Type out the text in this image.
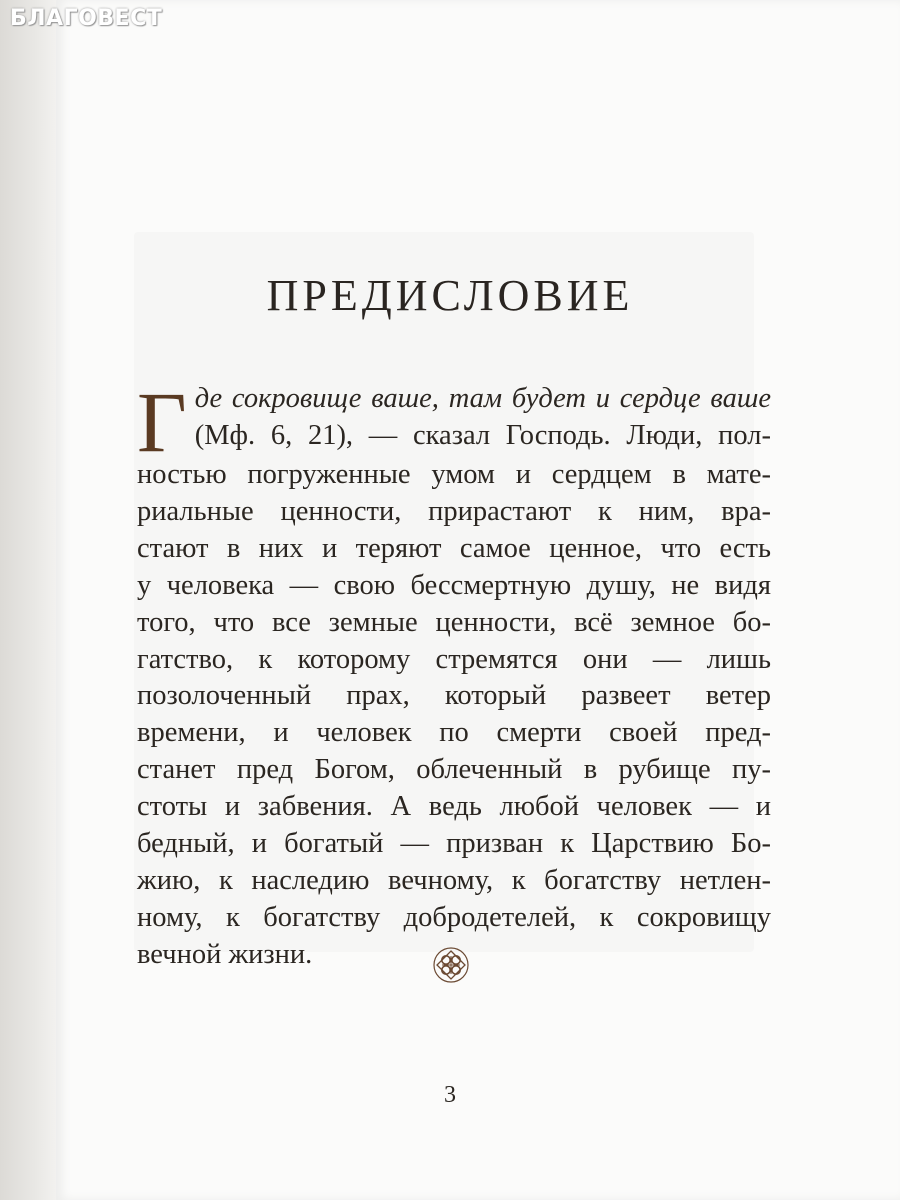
БЛАГОВЕСТ
ПРЕДИСЛОВИЕ
Г де сокровище ваше, там будет и сердце ваше
(Мф. 6, 21), — сказал Господь. Люди, пол-
ностью погруженные умом и сердцем в мате-
риальные ценности, прирастают к ним, вра-
стают в них и теряют самое ценное, что есть
у человека — свою бессмертную душу, не видя
того, что все земные ценности, всё земное бо-
гатство, к которому стремятся они — лишь
позолоченный прах, который развеет ветер
времени, и человек по смерти своей пред-
станет пред Богом, облеченный в рубище пу-
стоты и забвения. А ведь любой человек — и
бедный, и богатый — призван к Царствию Бо-
жию, к наследию вечному, к богатству нетлен-
ному, к богатству добродетелей, к сокровищу
вечной жизни.
3
